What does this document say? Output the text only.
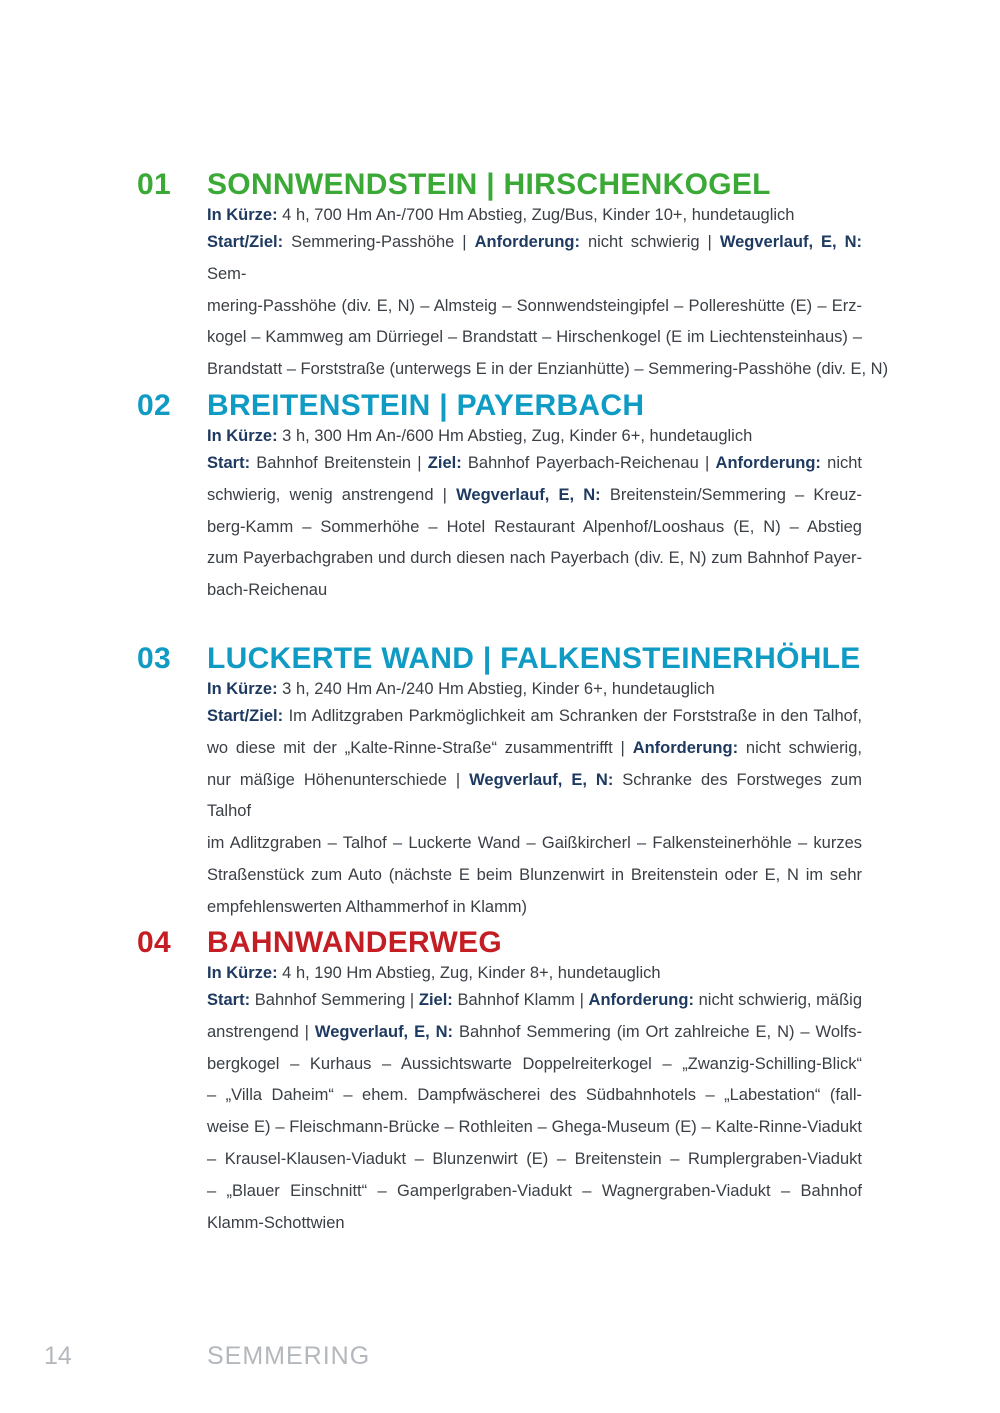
01	SONNWENDSTEIN | HIRSCHENKOGEL
In Kürze: 4 h, 700 Hm An-/700 Hm Abstieg, Zug/Bus, Kinder 10+, hundetauglich
Start/Ziel: Semmering-Passhöhe | Anforderung: nicht schwierig | Wegverlauf, E, N: Sem-
mering-Passhöhe (div. E, N) – Almsteig – Sonnwendsteingipfel – Pollereshütte (E) – Erz-
kogel – Kammweg am Dürriegel – Brandstatt – Hirschenkogel (E im Liechtensteinhaus) –
Brandstatt – Forststraße (unterwegs E in der Enzianhütte) – Semmering-Passhöhe (div. E, N)
02	BREITENSTEIN | PAYERBACH
In Kürze: 3 h, 300 Hm An-/600 Hm Abstieg, Zug, Kinder 6+, hundetauglich
Start: Bahnhof Breitenstein | Ziel: Bahnhof Payerbach-Reichenau | Anforderung: nicht
schwierig, wenig anstrengend | Wegverlauf, E, N: Breitenstein/Semmering – Kreuz-
berg-Kamm – Sommerhöhe – Hotel Restaurant Alpenhof/Looshaus (E, N) – Abstieg
zum Payerbachgraben und durch diesen nach Payerbach (div. E, N) zum Bahnhof Payer-
bach-Reichenau
03	LUCKERTE WAND | FALKENSTEINERHÖHLE
In Kürze: 3 h, 240 Hm An-/240 Hm Abstieg, Kinder 6+, hundetauglich
Start/Ziel: Im Adlitzgraben Parkmöglichkeit am Schranken der Forststraße in den Talhof,
wo diese mit der „Kalte-Rinne-Straße“ zusammentrifft | Anforderung: nicht schwierig,
nur mäßige Höhenunterschiede | Wegverlauf, E, N: Schranke des Forstweges zum Talhof
im Adlitzgraben – Talhof – Luckerte Wand – Gaißkircherl – Falkensteinerhöhle – kurzes
Straßenstück zum Auto (nächste E beim Blunzenwirt in Breitenstein oder E, N im sehr
empfehlenswerten Althammerhof in Klamm)
04	BAHNWANDERWEG
In Kürze: 4 h, 190 Hm Abstieg, Zug, Kinder 8+, hundetauglich
Start: Bahnhof Semmering | Ziel: Bahnhof Klamm | Anforderung: nicht schwierig, mäßig
anstrengend | Wegverlauf, E, N: Bahnhof Semmering (im Ort zahlreiche E, N) – Wolfs-
bergkogel – Kurhaus – Aussichtswarte Doppelreiterkogel – „Zwanzig-Schilling-Blick“
– „Villa Daheim“ – ehem. Dampfwäscherei des Südbahnhotels – „Labestation“ (fall-
weise E) – Fleischmann-Brücke – Rothleiten – Ghega-Museum (E) – Kalte-Rinne-Viadukt
– Krausel-Klausen-Viadukt – Blunzenwirt (E) – Breitenstein – Rumplergraben-Viadukt
– „Blauer Einschnitt“ – Gamperlgraben-Viadukt – Wagnergraben-Viadukt – Bahnhof
Klamm-Schottwien
14	SEMMERING
